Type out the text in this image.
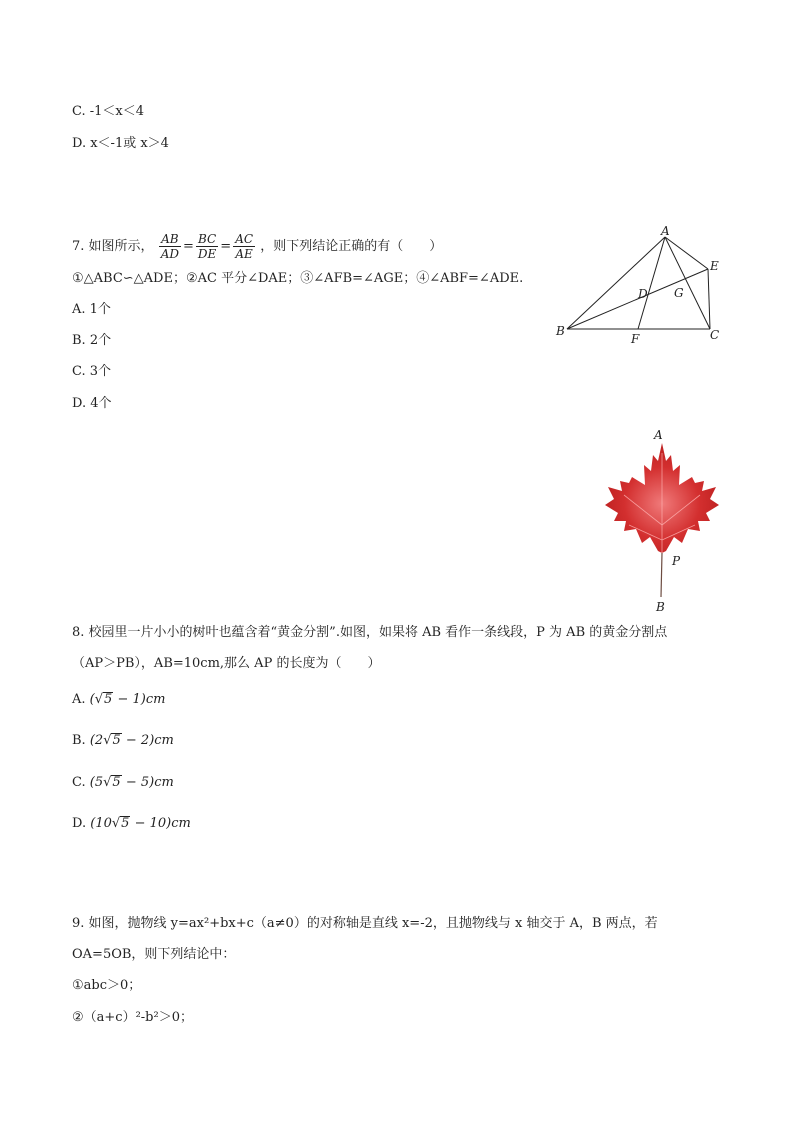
C. -1＜x＜4
D. x＜-1或 x＞4
7. 如图所示， $\frac{AB}{AD} = \frac{BC}{DE} = \frac{AC}{AE}$ ，则下列结论正确的有（　　）
①△ABC∽△ADE；②AC 平分∠DAE；③∠AFB=∠AGE；④∠ABF=∠ADE.
A. 1个
B. 2个
C. 3个
D. 4个
A
B	C
D
E
F
G
A
P
B
8. 校园里一片小小的树叶也蕴含着“黄金分割”.如图，如果将 AB 看作一条线段，P 为 AB 的黄金分割点
（AP＞PB），AB=10cm,那么 AP 的长度为（　　）
A. (√5 − 1)cm
B. (2√5 − 2)cm
C. (5√5 − 5)cm
D. (10√5 − 10)cm
9. 如图，抛物线 y=ax²+bx+c（a≠0）的对称轴是直线 x=-2，且抛物线与 x 轴交于 A，B 两点，若
OA=5OB，则下列结论中：
①abc＞0；
②（a+c）²-b²＞0；
